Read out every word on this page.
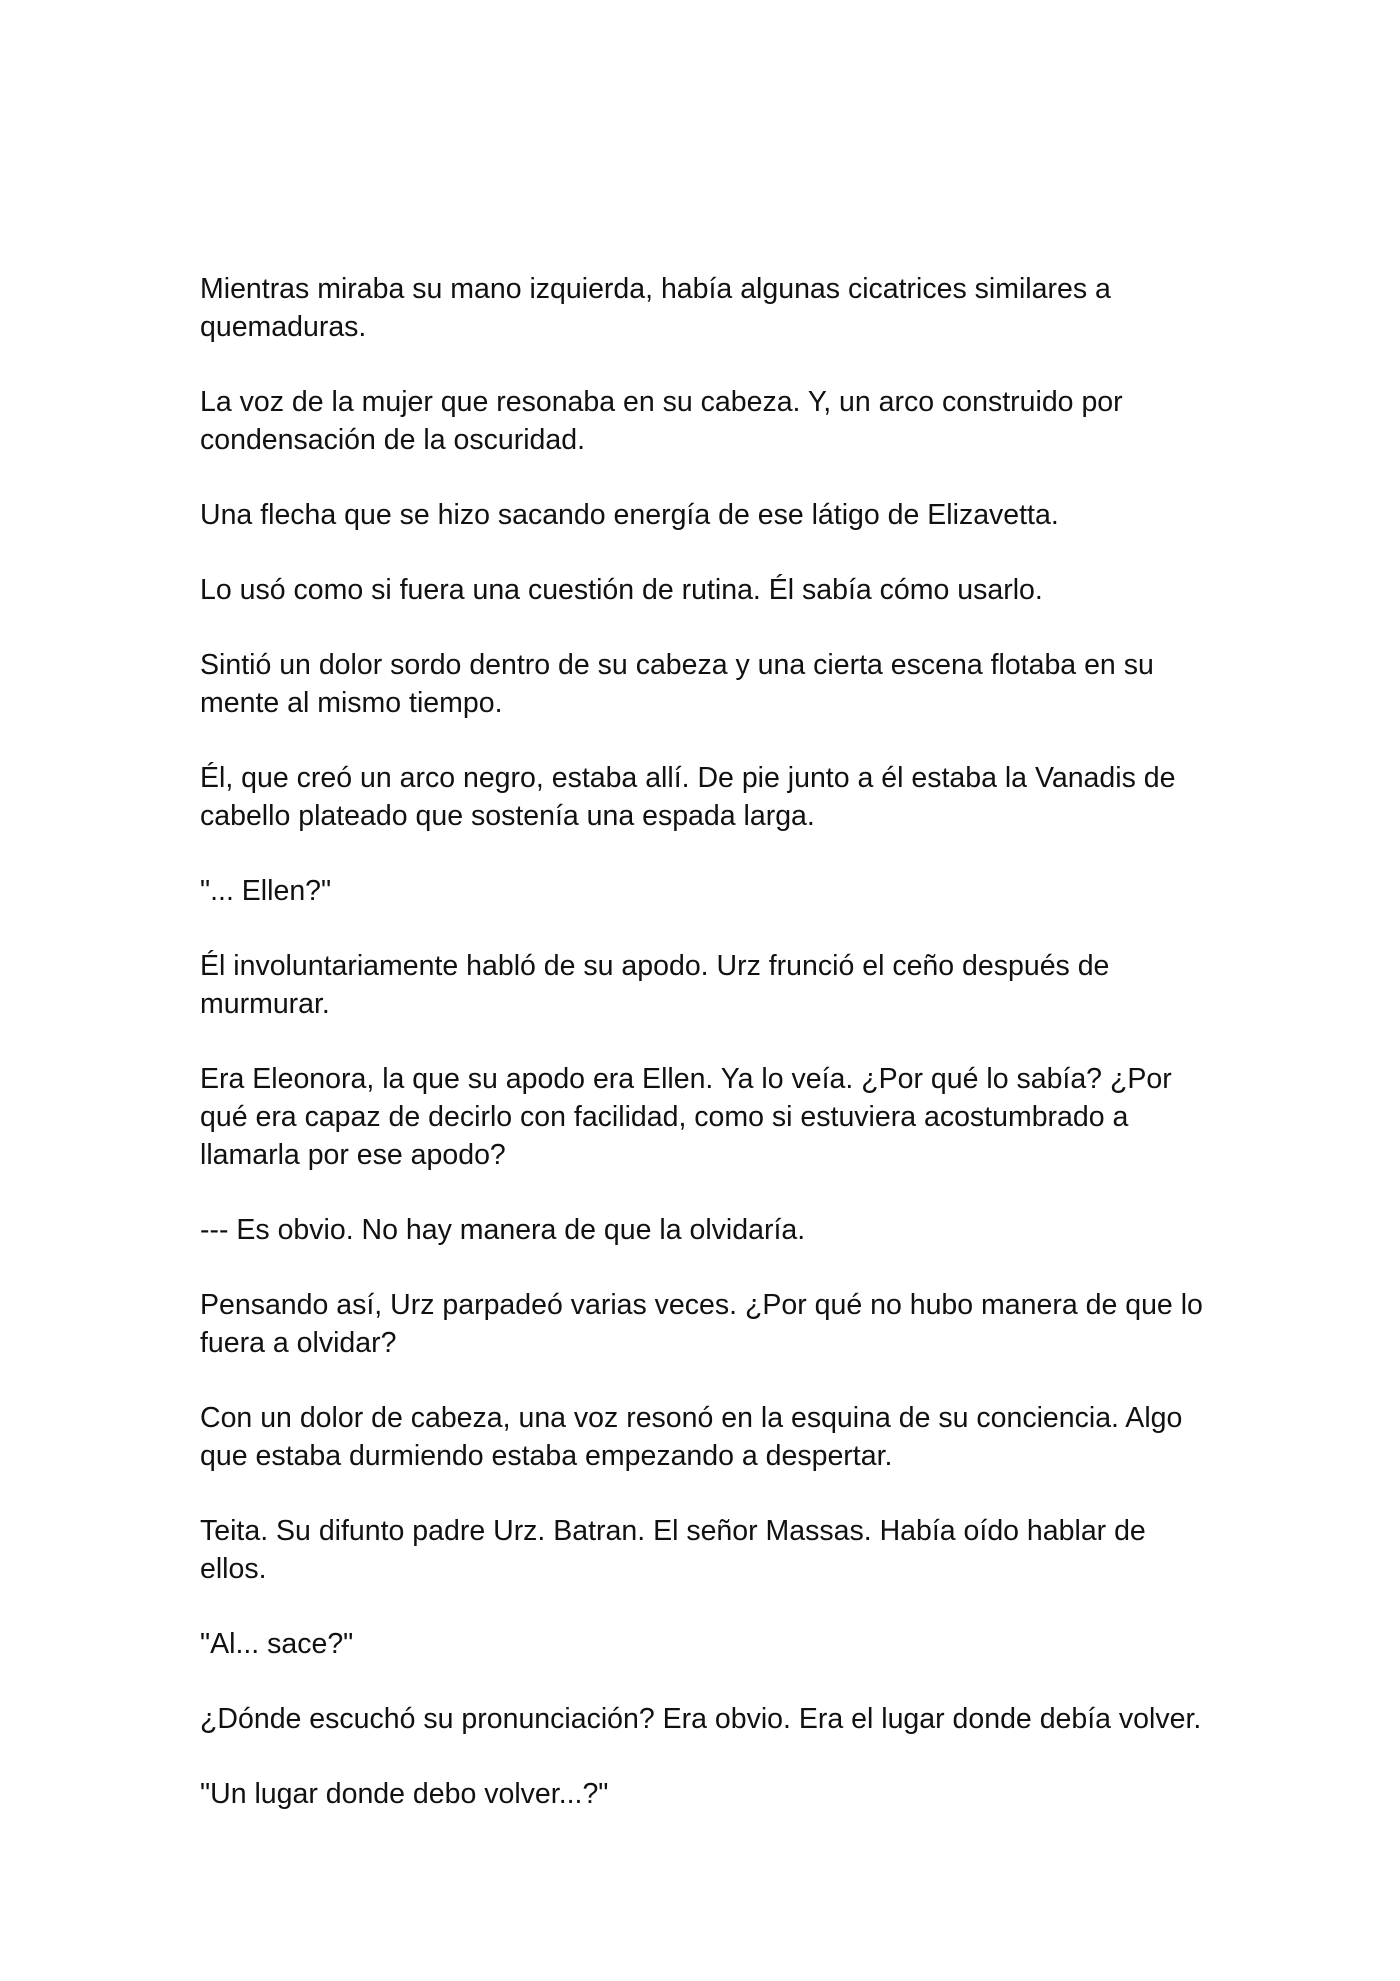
Mientras miraba su mano izquierda, había algunas cicatrices similares a quemaduras.

La voz de la mujer que resonaba en su cabeza. Y, un arco construido por condensación de la oscuridad.

Una flecha que se hizo sacando energía de ese látigo de Elizavetta.

Lo usó como si fuera una cuestión de rutina. Él sabía cómo usarlo.

Sintió un dolor sordo dentro de su cabeza y una cierta escena flotaba en su mente al mismo tiempo.

Él, que creó un arco negro, estaba allí. De pie junto a él estaba la Vanadis de cabello plateado que sostenía una espada larga.

"... Ellen?"

Él involuntariamente habló de su apodo. Urz frunció el ceño después de murmurar.

Era Eleonora, la que su apodo era Ellen. Ya lo veía. ¿Por qué lo sabía? ¿Por qué era capaz de decirlo con facilidad, como si estuviera acostumbrado a llamarla por ese apodo?

--- Es obvio. No hay manera de que la olvidaría.

Pensando así, Urz parpadeó varias veces. ¿Por qué no hubo manera de que lo fuera a olvidar?

Con un dolor de cabeza, una voz resonó en la esquina de su conciencia. Algo que estaba durmiendo estaba empezando a despertar.

Teita. Su difunto padre Urz. Batran. El señor Massas. Había oído hablar de ellos.

"Al... sace?"

¿Dónde escuchó su pronunciación? Era obvio. Era el lugar donde debía volver.

"Un lugar donde debo volver...?"
